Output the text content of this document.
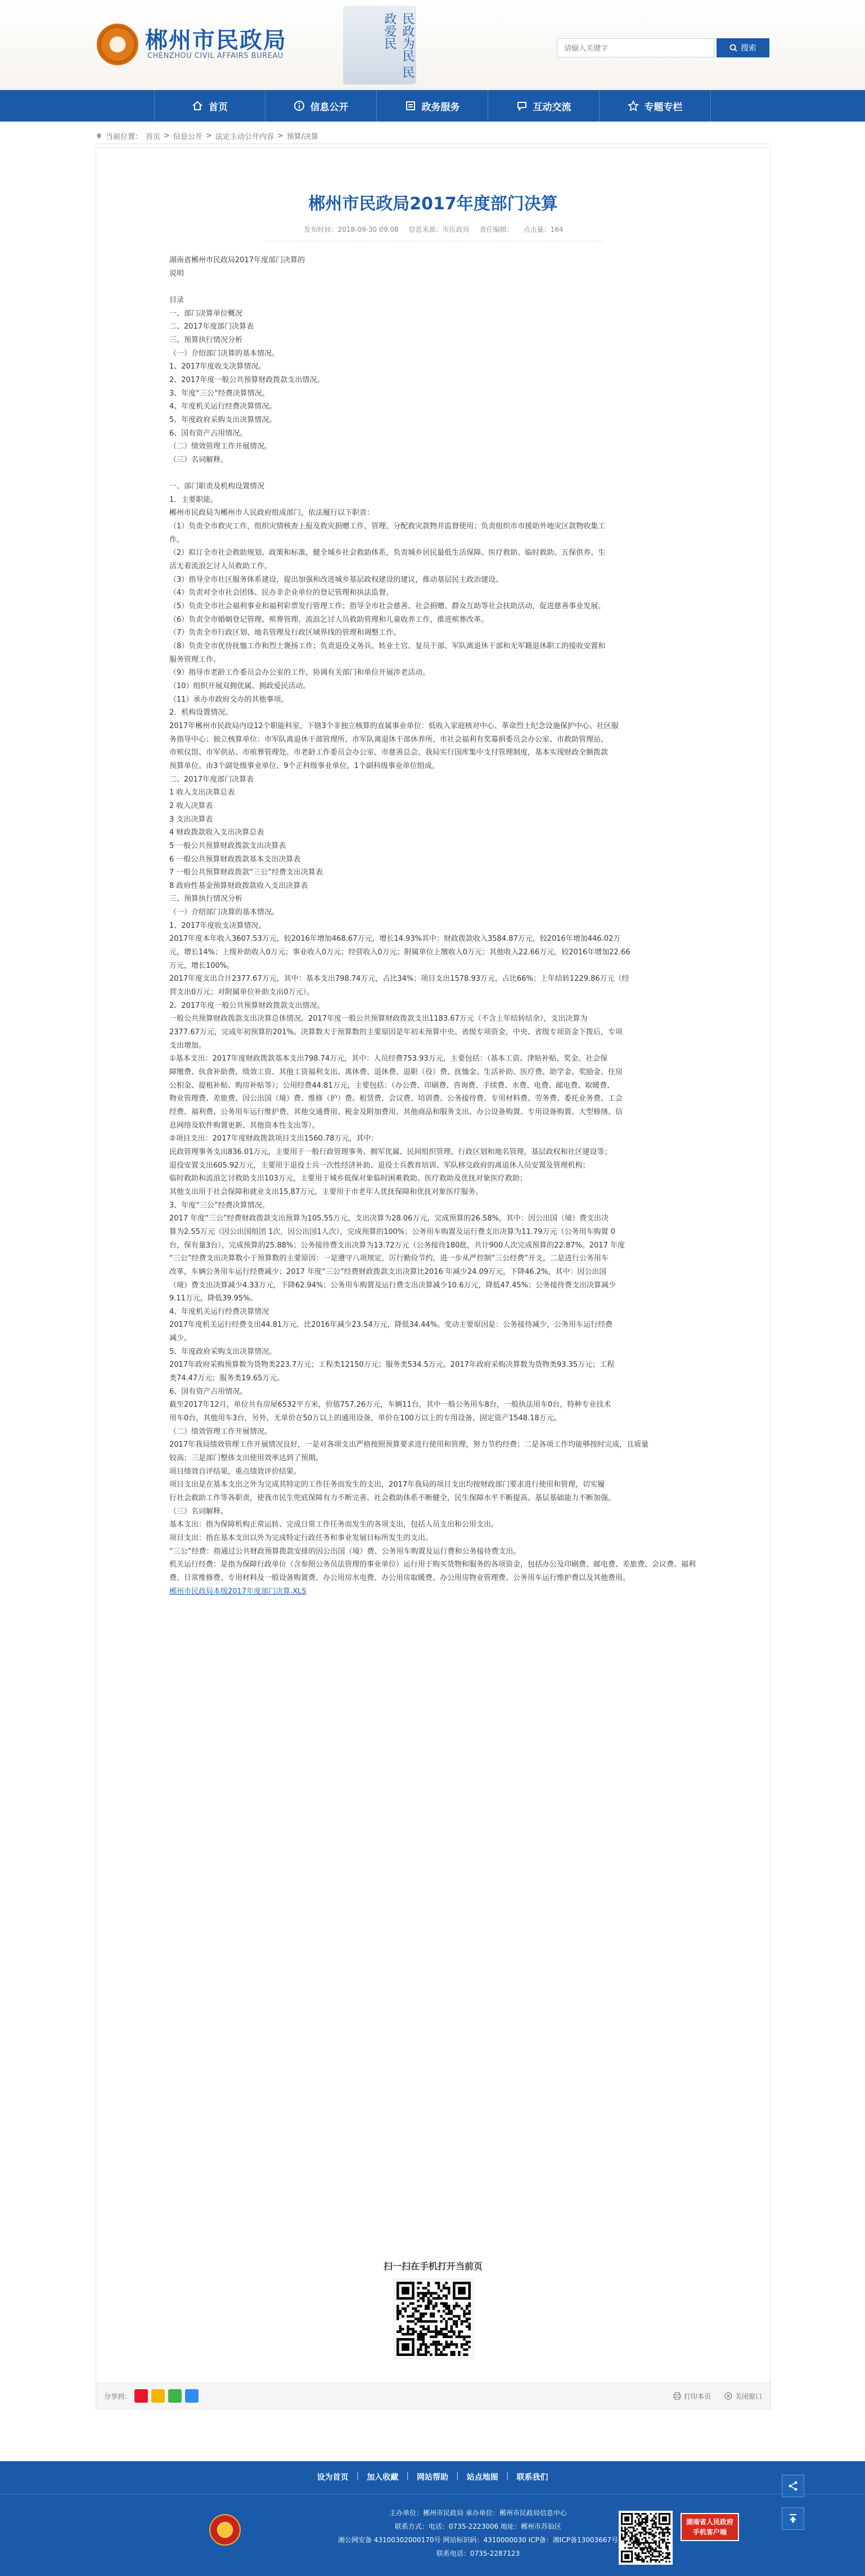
郴州市民政局
CHENZHOU CIVIL AFFAIRS BUREAU	民政为民 民政爱民
请输入关键字	搜索
首页	信息公开	政务服务	互动交流	专题专栏
当前位置： 首页 > 信息公开 > 法定主动公开内容 > 预算/决算
郴州市民政局2017年度部门决算
发布时间：2018-09-30 09:08 信息来源：市民政局 责任编辑： 点击量：164

湖南省郴州市民政局2017年度部门决算的

说明

目录

一、部门决算单位概况

二、2017年度部门决算表

三、预算执行情况分析

（一）介绍部门决算的基本情况。

1、2017年度收支决算情况。

2、2017年度一般公共预算财政拨款支出情况。

3、年度“三公”经费决算情况。

4、年度机关运行经费决算情况。

5、年度政府采购支出决算情况。

6、国有资产占用情况。

（二）绩效管理工作开展情况。

（三）名词解释。

一、部门职责及机构设置情况

1．主要职能。

郴州市民政局为郴州市人民政府组成部门，依法履行以下职责：

（1）负责全市救灾工作，组织灾情核查上报及救灾捐赠工作，管理、分配救灾款物并监督使用；负责组织市市援助外地灾区款物收集工

作。

（2）拟订全市社会救助规划、政策和标准，健全城乡社会救助体系，负责城乡居民最低生活保障、医疗救助、临时救助、五保供养、生

活无着流浪乞讨人员救助工作。

（3）指导全市社区服务体系建设，提出加强和改进城乡基层政权建设的建议，推动基层民主政治建设。

（4）负责对全市社会团体、民办非企业单位的登记管理和执法监督。

（5）负责全市社会福利事业和福利彩票发行管理工作；指导全市社会慈善、社会捐赠、群众互助等社会扶助活动，促进慈善事业发展。

（6）负责全市婚姻登记管理、殡葬管理、流浪乞讨人员救助管理和儿童收养工作，推进殡葬改革。

（7）负责全市行政区划、地名管理及行政区域界线的管理和调整工作。

（8）负责全市优待抚恤工作和烈士褒扬工作；负责退役义务兵、转业士官、复员干部、军队离退休干部和无军籍退休职工的接收安置和

服务管理工作。

（9）指导市老龄工作委员会办公室的工作，协调有关部门和单位开展涉老活动。

（10）组织开展双拥优属、拥政爱民活动。

（11）承办市政府交办的其他事项。

2．机构设置情况。

2017年郴州市民政局内设12个职能科室，下辖3个非独立核算的直属事业单位：低收入家庭核对中心、革命烈士纪念设施保护中心、社区服

务指导中心；独立核算单位：市军队离退休干部管理所、市军队离退休干部休养所、市社会福利有奖募捐委员会办公室、市救助管理站、

市殡仪馆、市军供站、市殡葬管理处、市老龄工作委员会办公室、市慈善总会。我局实行国库集中支付管理制度，基本实现财政全额拨款

预算单位。由3个副处级事业单位、9个正科级事业单位，1个副科级事业单位组成。

二、2017年度部门决算表

1 收入支出决算总表

2 收入决算表

3 支出决算表

4 财政拨款收入支出决算总表

5 一般公共预算财政拨款支出决算表

6 一般公共预算财政拨款基本支出决算表

7 一般公共预算财政拨款“三公”经费支出决算表

8 政府性基金预算财政拨款收入支出决算表

三、预算执行情况分析

（一）介绍部门决算的基本情况。

1、2017年度收支决算情况。

2017年度本年收入3607.53万元，较2016年增加468.67万元，增长14.93%其中：财政拨款收入3584.87万元，较2016年增加446.02万

元，增长14%；上级补助收入0万元；事业收入0万元；经营收入0万元；附属单位上缴收入0万元；其他收入22.66万元，较2016年增加22.66

万元，增长100%。

2017年度支出合计2377.67万元，其中：基本支出798.74万元，占比34%；项目支出1578.93万元，占比66%；上年结转1229.86万元（经

营支出0万元；对附属单位补助支出0万元）。

2、2017年度一般公共预算财政拨款支出情况。

一般公共预算财政拨款支出决算总体情况。2017年度一般公共预算财政拨款支出1183.67万元（不含上年结转结余），支出决算为

2377.67万元，完成年初预算的201%。决算数大于预算数的主要原因是年初未预算中央、省级专项资金，中央、省级专项资金下拨后，专项

支出增加。

①基本支出：2017年度财政拨款基本支出798.74万元，其中：人员经费753.93万元，主要包括：（基本工资、津贴补贴、奖金、社会保

障缴费、伙食补助费、绩效工资、其他工资福利支出、离休费、退休费、退职（役）费、抚恤金、生活补助、医疗费、助学金、奖励金、住房

公积金、提租补贴、购房补贴等）；公用经费44.81万元，主要包括：（办公费、印刷费、咨询费、手续费、水费、电费、邮电费、取暖费、

物业管理费、差旅费、因公出国（境）费、维修（护）费、租赁费、会议费、培训费、公务接待费、专用材料费、劳务费、委托业务费、工会

经费、福利费、公务用车运行维护费、其他交通费用、税金及附加费用、其他商品和服务支出、办公设备购置、专用设备购置、大型修缮、信

息网络及软件购置更新、其他资本性支出等）。

②项目支出：2017年度财政拨款项目支出1560.78万元，其中：

民政管理事务支出836.01万元，主要用于一般行政管理事务、拥军优属、民间组织管理、行政区划和地名管理、基层政权和社区建设等；

退役安置支出605.92万元，主要用于退役士兵一次性经济补助、退役士兵教育培训、军队移交政府的离退休人员安置及管理机构；

临时救助和流浪乞讨救助支出103万元，主要用于城乡低保对象临时困难救助、医疗救助及优抚对象医疗救助；

其他支出用于社会保障和就业支出15.87万元，主要用于市老年人优抚保障和优抚对象医疗服务。

3、年度“三公”经费决算情况。

2017 年度“三公”经费财政拨款支出预算为105.55万元，支出决算为28.06万元，完成预算的26.58%，其中：因公出国（境）费支出决

算为2.55万元（因公出国组团 1次，因公出国1人次），完成预算的100%；公务用车购置及运行费支出决算为11.79万元（公务用车购置 0

台，保有量3台），完成预算的25.88%；公务接待费支出决算为13.72万元（公务接待180批，共计900人次完成预算的22.87%。2017 年度

“三公”经费支出决算数小于预算数的主要原因：一是遵守八项规定，厉行勤俭节约，进一步从严控制“三公经费”开支，二是进行公务用车

改革，车辆公务用车运行经费减少；2017 年度“三公”经费财政拨款支出决算比2016 年减少24.09万元，下降46.2%，其中：因公出国

（境）费支出决算减少4.33万元，下降62.94%；公务用车购置及运行费支出决算减少10.6万元，降低47.45%；公务接待费支出决算减少

9.11万元，降低39.95%。

4、年度机关运行经费决算情况

2017年度机关运行经费支出44.81万元，比2016年减少23.54万元，降低34.44%。变动主要原因是：公务接待减少，公务用车运行经费

减少。

5、年度政府采购支出决算情况。

2017年政府采购预算数为货物类223.7万元；工程类12150万元；服务类534.5万元。2017年政府采购决算数为货物类93.35万元；工程

类74.47万元；服务类19.65万元。

6、国有资产占用情况。

截至2017年12月，单位共有房屋6532平方米，价值757.26万元，车辆11台，其中一般公务用车8台，一般执法用车0台，特种专业技术

用车0台，其他用车3台，另外，无单价在50万以上的通用设备，单价在100万以上的专用设备，固定资产1548.18万元。

（二）绩效管理工作开展情况。

2017年我局绩效管理工作开展情况良好，一是对各项支出严格按照预算要求进行使用和管理，努力节约经费；二是各项工作均能够按时完成，且质量

较高；三是部门整体支出使用效率达到了预期。

项目绩效自评结果，重点绩效评价结果。

项目支出是在基本支出之外为完成其特定的工作任务而发生的支出，2017年我局的项目支出均按财政部门要求进行使用和管理，切实履

行社会救助工作等各职责，使我市民生兜底保障有力不断完善、社会救助体系不断健全，民生保障水平不断提高、基层基础能力不断加强。

（三）名词解释。

基本支出：指为保障机构正常运转、完成日常工作任务而发生的各项支出，包括人员支出和公用支出。

项目支出：指在基本支出以外为完成特定行政任务和事业发展目标所发生的支出。

“三公”经费：指通过公共财政预算拨款安排的因公出国（境）费、公务用车购置及运行费和公务接待费支出。

机关运行经费：是指为保障行政单位（含参照公务员法管理的事业单位）运行用于购买货物和服务的各项资金，包括办公及印刷费、邮电费、差旅费、会议费、福利费、日常维修费、专用材料及一般设备购置费、办公用房水电费、办公用房取暖费、办公用房物业管理费、公务用车运行维护费以及其他费用。

郴州市民政局本级2017年度部门决算.XLS

扫一扫在手机打开当前页
分享到：	打印本页	关闭窗口
设为首页 | 加入收藏 | 网站帮助 | 站点地图 | 联系我们
主办单位：郴州市民政局 承办单位：郴州市民政局信息中心
联系方式：电话：0735-2223006 地址：郴州市苏仙区
湘公网安备 43100302000170号 网站标识码：4310000030 ICP备：湘ICP备13003667号
联系电话：0735-2287123
湖南省人民政府
手机客户端
